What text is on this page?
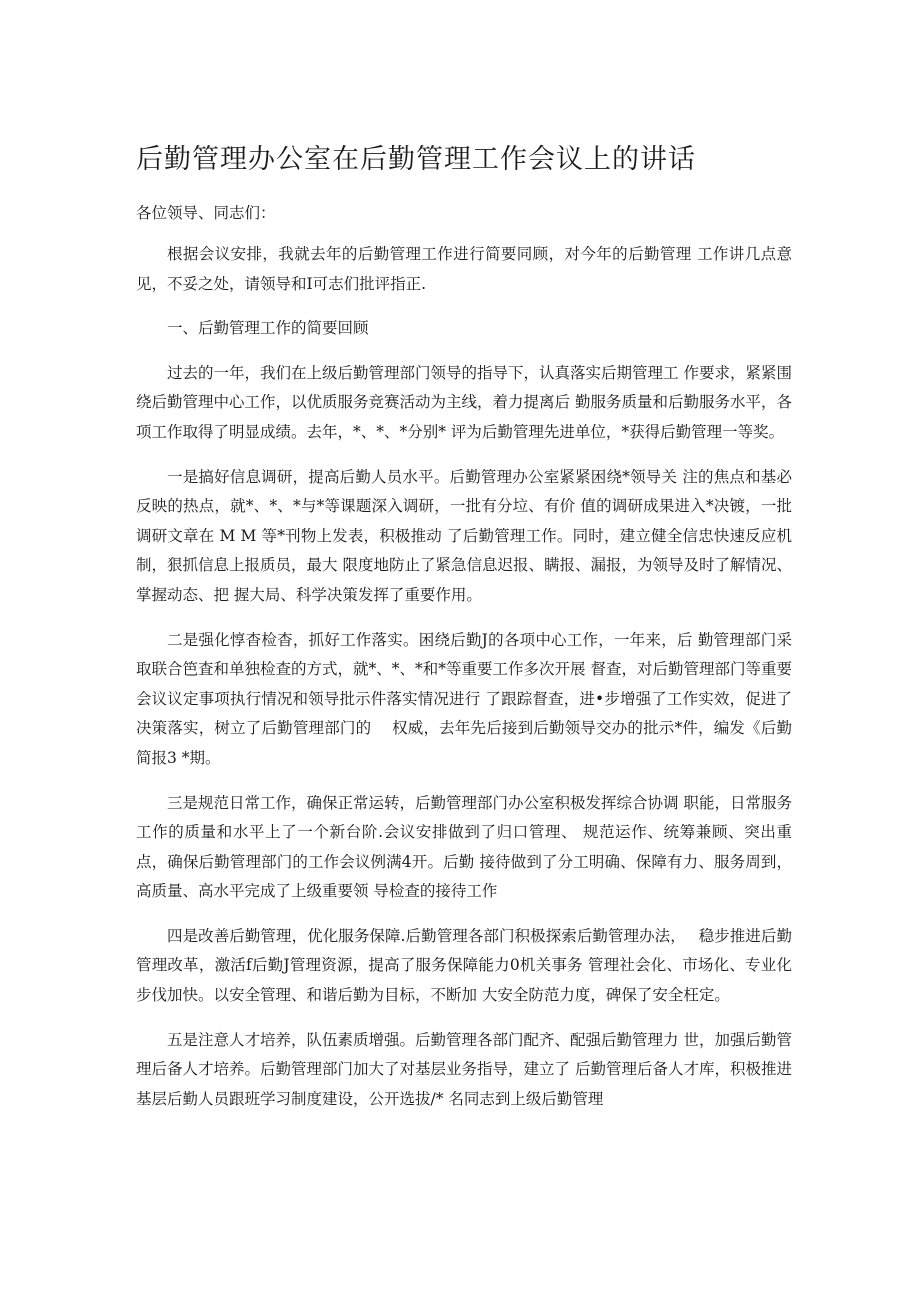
后勤管理办公室在后勤管理工作会议上的讲话

各位领导、同志们：

根据会议安排，我就去年的后勤管理工作进行简要同顾，对今年的后勤管理 工作讲几点意见，不妥之处，请领导和I可志们批评指正.

一、后勤管理工作的简要回顾

过去的一年，我们在上级后勤管理部门领导的指导下，认真落实后期管理工 作要求，紧紧围绕后勤管理中心工作，以优质服务竞赛活动为主线，着力提离后 勤服务质量和后勤服务水平，各项工作取得了明显成绩。去年，*、*、*分别* 评为后勤管理先进单位，*获得后勤管理一等奖。

一是搞好信息调研，提高后勤人员水平。后勤管理办公室紧紧困绕*领导关 注的焦点和基必反映的热点，就*、*、*与*等课题深入调研，一批有分垃、有价 值的调研成果进入*决镀，一批调研文章在 M M 等*刊物上发表，积极推动 了后勤管理工作。同时，建立健全信忠快速反应机制，狠抓信息上报质员，最大 限度地防止了紧急信息迟报、瞒报、漏报，为领导及时了解情况、掌握动态、把 握大局、科学决策发挥了重要作用。

二是强化惇杳检杳，抓好工作落实。困绕后勤J的各项中心工作，一年来，后 勤管理部门采取联合笆査和单独检查的方式，就*、*、*和*等重要工作多次开展 督查，对后勤管理部门等重要会议议定事项执行情况和领导批示件落实情况进行 了跟踪督查，进•步增强了工作实效，促进了决策落实，树立了后勤管理部门的　 权威，去年先后接到后勤领导交办的批示*件，编发《后勤简报3 *期。

三是规范日常工作，确保正常运转，后勤管理部门办公室积极发挥综合协调 职能，日常服务工作的质量和水平上了一个新台阶.会议安排做到了归口管理、 规范运作、统筹兼顾、突出重点，确保后勤管理部门的工作会议例满4开。后勤 接待做到了分工明确、保障有力、服务周到，高质量、高水平完成了上级重要领 导检查的接待工作

四是改善后勤管理，优化服务保障.后勤管理各部门积极探索后勤管理办法，　 稳步推进后勤管理改革，激活f后勤J管理资源，提高了服务保障能力0机关事务 管理社会化、市场化、专业化步伐加快。以安全管理、和谐后勤为目标，不断加 大安全防范力度，碑保了安全枉定。

五是注意人才培养，队伍素质增强。后勤管理各部门配齐、配强后勤管理力 世，加强后勤管理后备人才培养。后勤管理部门加大了对基层业务指导，建立了 后勤管理后备人才库，积极推进基层后勤人员跟班学习制度建设，公开选拔/* 名同志到上级后勤管理
